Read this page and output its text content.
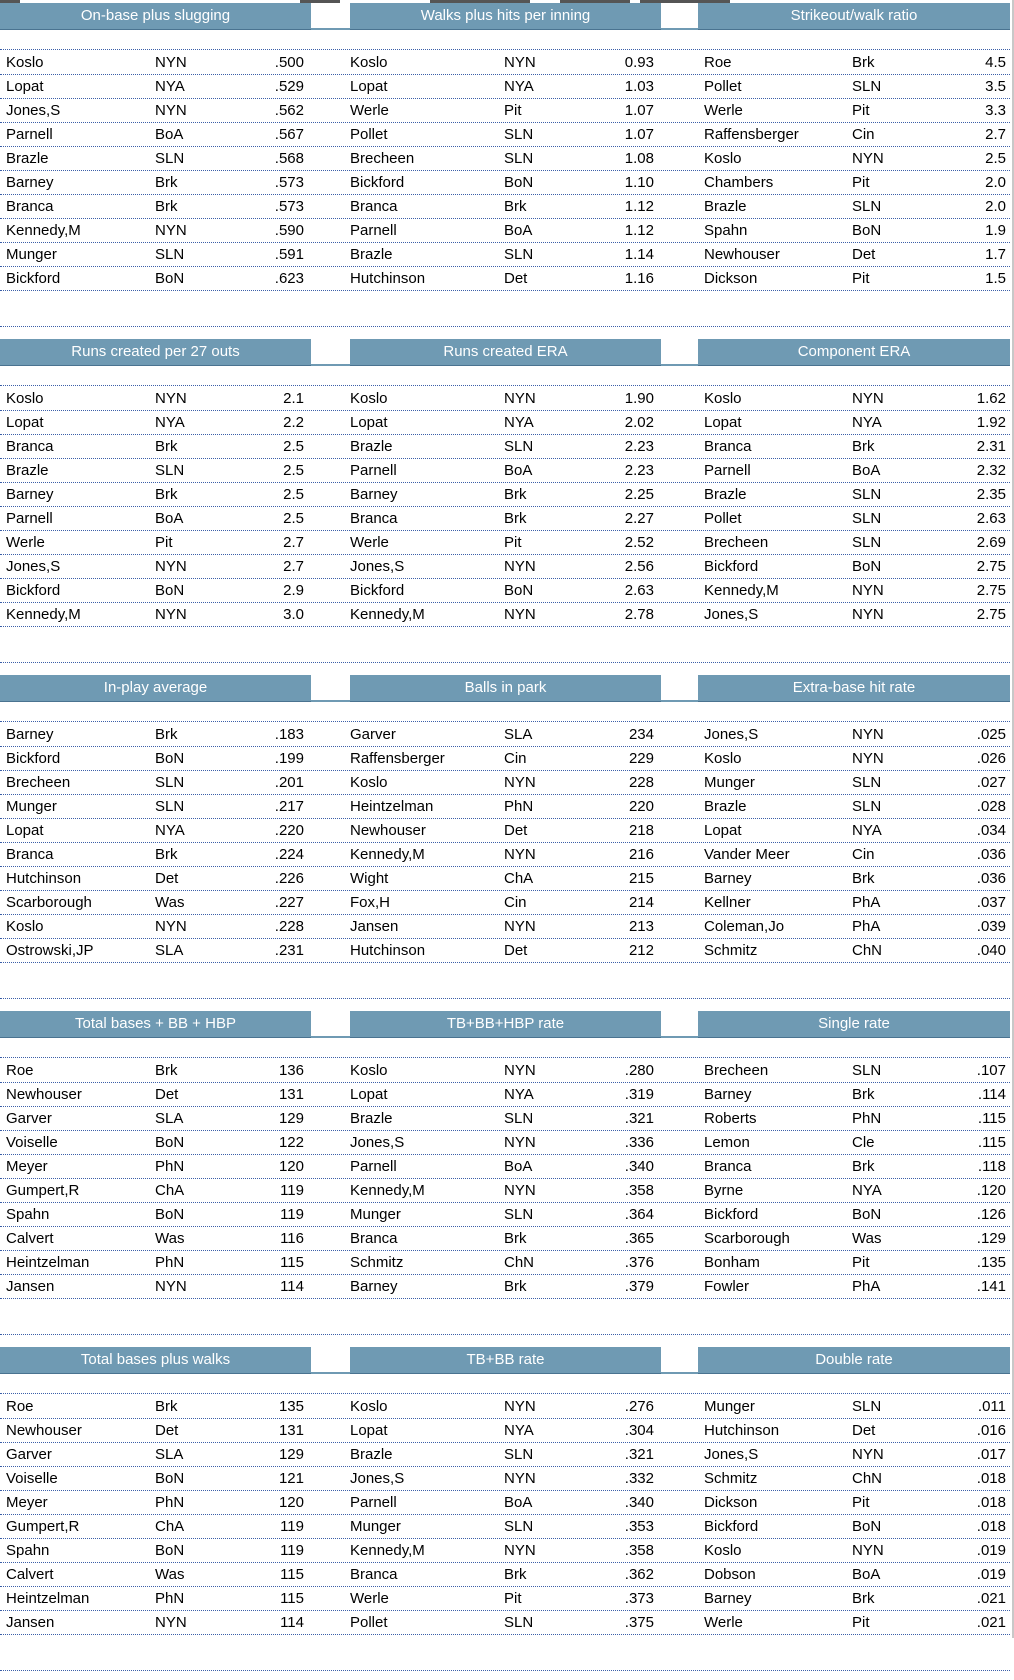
On-base plus slugging	Walks plus hits per inning	Strikeout/walk ratio
Koslo	NYN	.500	Koslo	NYN	0.93	Roe	Brk	4.5
Lopat	NYA	.529	Lopat	NYA	1.03	Pollet	SLN	3.5
Jones,S	NYN	.562	Werle	Pit	1.07	Werle	Pit	3.3
Parnell	BoA	.567	Pollet	SLN	1.07	Raffensberger	Cin	2.7
Brazle	SLN	.568	Brecheen	SLN	1.08	Koslo	NYN	2.5
Barney	Brk	.573	Bickford	BoN	1.10	Chambers	Pit	2.0
Branca	Brk	.573	Branca	Brk	1.12	Brazle	SLN	2.0
Kennedy,M	NYN	.590	Parnell	BoA	1.12	Spahn	BoN	1.9
Munger	SLN	.591	Brazle	SLN	1.14	Newhouser	Det	1.7
Bickford	BoN	.623	Hutchinson	Det	1.16	Dickson	Pit	1.5
Runs created per 27 outs	Runs created ERA	Component ERA
Koslo	NYN	2.1	Koslo	NYN	1.90	Koslo	NYN	1.62
Lopat	NYA	2.2	Lopat	NYA	2.02	Lopat	NYA	1.92
Branca	Brk	2.5	Brazle	SLN	2.23	Branca	Brk	2.31
Brazle	SLN	2.5	Parnell	BoA	2.23	Parnell	BoA	2.32
Barney	Brk	2.5	Barney	Brk	2.25	Brazle	SLN	2.35
Parnell	BoA	2.5	Branca	Brk	2.27	Pollet	SLN	2.63
Werle	Pit	2.7	Werle	Pit	2.52	Brecheen	SLN	2.69
Jones,S	NYN	2.7	Jones,S	NYN	2.56	Bickford	BoN	2.75
Bickford	BoN	2.9	Bickford	BoN	2.63	Kennedy,M	NYN	2.75
Kennedy,M	NYN	3.0	Kennedy,M	NYN	2.78	Jones,S	NYN	2.75
In-play average	Balls in park	Extra-base hit rate
Barney	Brk	.183	Garver	SLA	234	Jones,S	NYN	.025
Bickford	BoN	.199	Raffensberger	Cin	229	Koslo	NYN	.026
Brecheen	SLN	.201	Koslo	NYN	228	Munger	SLN	.027
Munger	SLN	.217	Heintzelman	PhN	220	Brazle	SLN	.028
Lopat	NYA	.220	Newhouser	Det	218	Lopat	NYA	.034
Branca	Brk	.224	Kennedy,M	NYN	216	Vander Meer	Cin	.036
Hutchinson	Det	.226	Wight	ChA	215	Barney	Brk	.036
Scarborough	Was	.227	Fox,H	Cin	214	Kellner	PhA	.037
Koslo	NYN	.228	Jansen	NYN	213	Coleman,Jo	PhA	.039
Ostrowski,JP	SLA	.231	Hutchinson	Det	212	Schmitz	ChN	.040
Total bases + BB + HBP	TB+BB+HBP rate	Single rate
Roe	Brk	136	Koslo	NYN	.280	Brecheen	SLN	.107
Newhouser	Det	131	Lopat	NYA	.319	Barney	Brk	.114
Garver	SLA	129	Brazle	SLN	.321	Roberts	PhN	.115
Voiselle	BoN	122	Jones,S	NYN	.336	Lemon	Cle	.115
Meyer	PhN	120	Parnell	BoA	.340	Branca	Brk	.118
Gumpert,R	ChA	119	Kennedy,M	NYN	.358	Byrne	NYA	.120
Spahn	BoN	119	Munger	SLN	.364	Bickford	BoN	.126
Calvert	Was	116	Branca	Brk	.365	Scarborough	Was	.129
Heintzelman	PhN	115	Schmitz	ChN	.376	Bonham	Pit	.135
Jansen	NYN	114	Barney	Brk	.379	Fowler	PhA	.141
Total bases plus walks	TB+BB rate	Double rate
Roe	Brk	135	Koslo	NYN	.276	Munger	SLN	.011
Newhouser	Det	131	Lopat	NYA	.304	Hutchinson	Det	.016
Garver	SLA	129	Brazle	SLN	.321	Jones,S	NYN	.017
Voiselle	BoN	121	Jones,S	NYN	.332	Schmitz	ChN	.018
Meyer	PhN	120	Parnell	BoA	.340	Dickson	Pit	.018
Gumpert,R	ChA	119	Munger	SLN	.353	Bickford	BoN	.018
Spahn	BoN	119	Kennedy,M	NYN	.358	Koslo	NYN	.019
Calvert	Was	115	Branca	Brk	.362	Dobson	BoA	.019
Heintzelman	PhN	115	Werle	Pit	.373	Barney	Brk	.021
Jansen	NYN	114	Pollet	SLN	.375	Werle	Pit	.021
